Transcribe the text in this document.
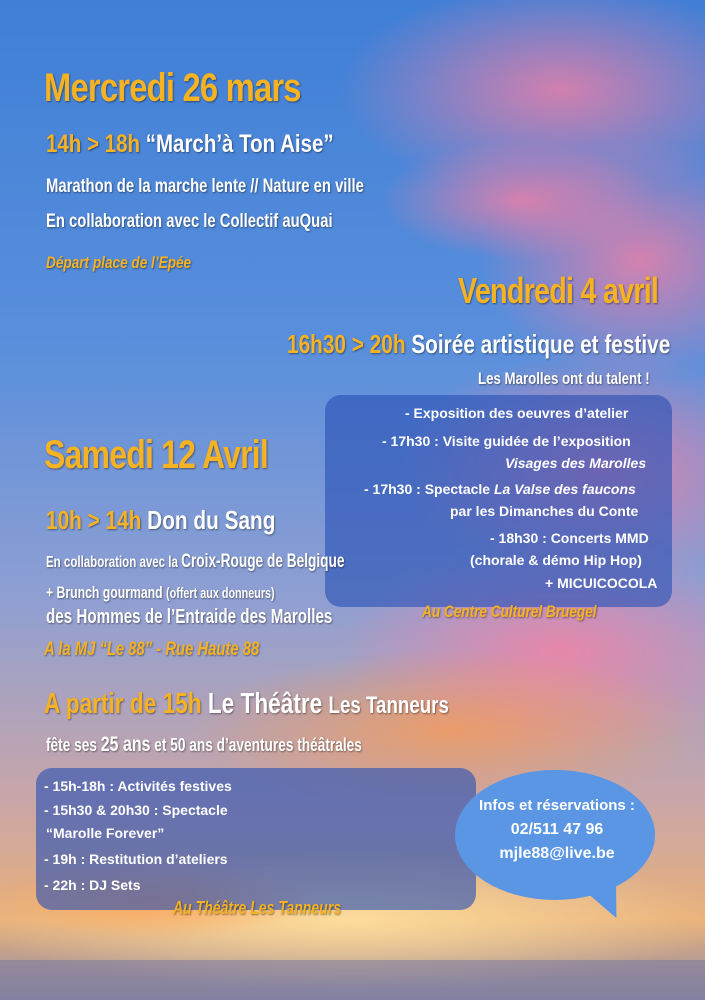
Mercredi 26 mars
14h > 18h “March’à Ton Aise”
Marathon de la marche lente // Nature en ville
En collaboration avec le Collectif auQuai
Départ place de l’Epée
Vendredi 4 avril
16h30 > 20h Soirée artistique et festive
Les Marolles ont du talent !
- Exposition des oeuvres d’atelier
- 17h30 : Visite guidée de l’exposition
Visages des Marolles
- 17h30 : Spectacle La Valse des faucons
par les Dimanches du Conte
- 18h30 : Concerts MMD
(chorale & démo Hip Hop)
+ MICUICOCOLA
Au Centre Culturel Bruegel
Samedi 12 Avril
10h > 14h Don du Sang
En collaboration avec la Croix-Rouge de Belgique
+ Brunch gourmand (offert aux donneurs)
des Hommes de l’Entraide des Marolles
A la MJ “Le 88” - Rue Haute 88
A partir de 15h Le Théâtre Les Tanneurs
fête ses 25 ans et 50 ans d’aventures théâtrales
- 15h-18h : Activités festives
- 15h30 & 20h30 : Spectacle
“Marolle Forever”
- 19h : Restitution d’ateliers
- 22h : DJ Sets
Au Théâtre Les Tanneurs
Infos et réservations :
02/511 47 96
mjle88@live.be
